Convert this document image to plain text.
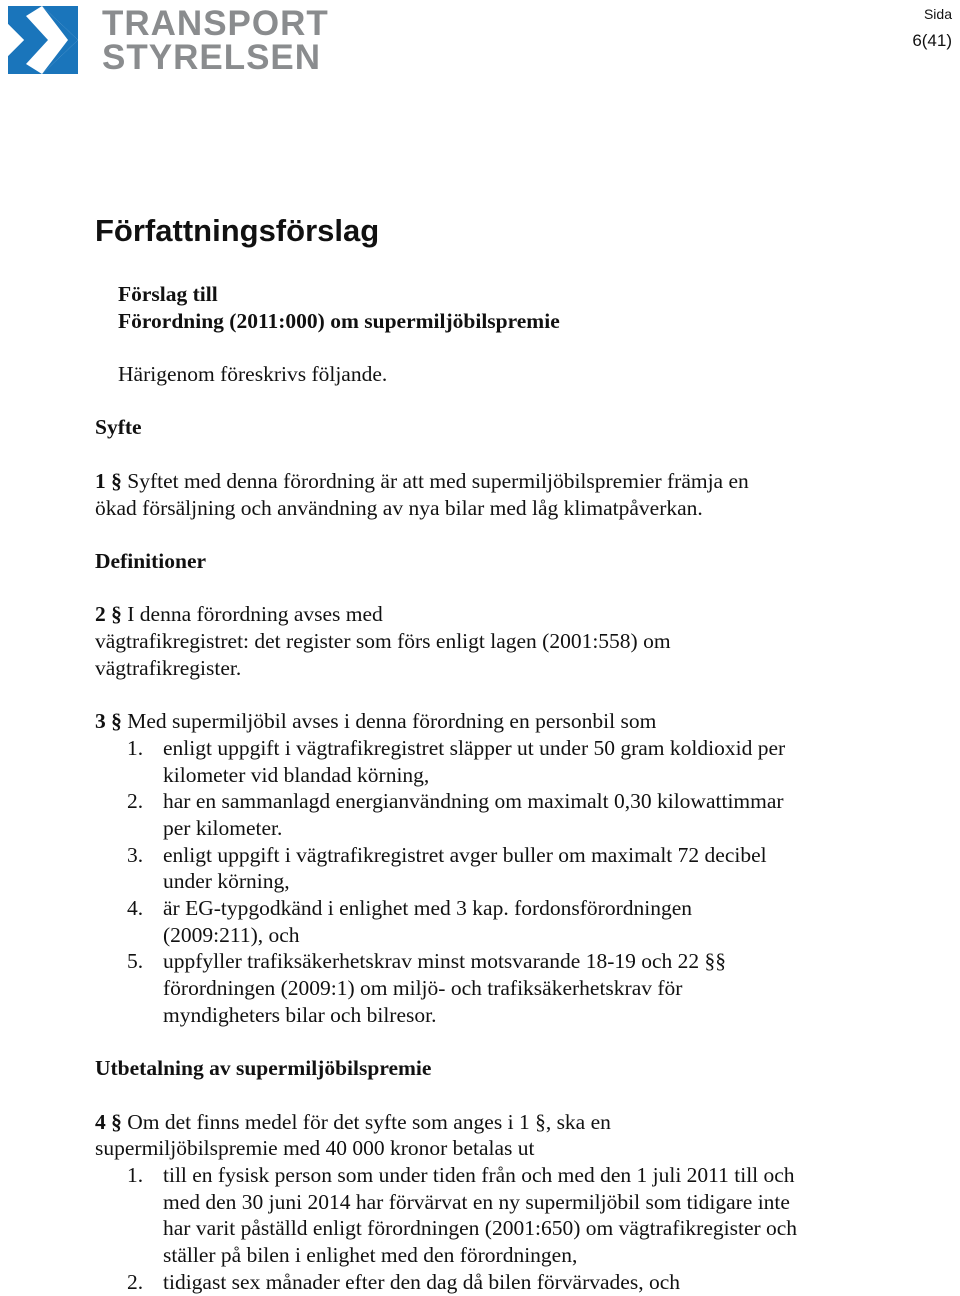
TRANSPORT
STYRELSEN
Sida
6(41)
Författningsförslag
Förslag till
Förordning (2011:000) om supermiljöbilspremie
Härigenom föreskrivs följande.
Syfte
1 § Syftet med denna förordning är att med supermiljöbilspremier främja en
ökad försäljning och användning av nya bilar med låg klimatpåverkan.
Definitioner
2 § I denna förordning avses med
vägtrafikregistret: det register som förs enligt lagen (2001:558) om
vägtrafikregister.
3 § Med supermiljöbil avses i denna förordning en personbil som
1. enligt uppgift i vägtrafikregistret släpper ut under 50 gram koldioxid per
kilometer vid blandad körning,
2. har en sammanlagd energianvändning om maximalt 0,30 kilowattimmar
per kilometer.
3. enligt uppgift i vägtrafikregistret avger buller om maximalt 72 decibel
under körning,
4. är EG-typgodkänd i enlighet med 3 kap. fordonsförordningen
(2009:211), och
5. uppfyller trafiksäkerhetskrav minst motsvarande 18-19 och 22 §§
förordningen (2009:1) om miljö- och trafiksäkerhetskrav för
myndigheters bilar och bilresor.
Utbetalning av supermiljöbilspremie
4 § Om det finns medel för det syfte som anges i 1 §, ska en
supermiljöbilspremie med 40 000 kronor betalas ut
1. till en fysisk person som under tiden från och med den 1 juli 2011 till och
med den 30 juni 2014 har förvärvat en ny supermiljöbil som tidigare inte
har varit påställd enligt förordningen (2001:650) om vägtrafikregister och
ställer på bilen i enlighet med den förordningen,
2. tidigast sex månader efter den dag då bilen förvärvades, och
